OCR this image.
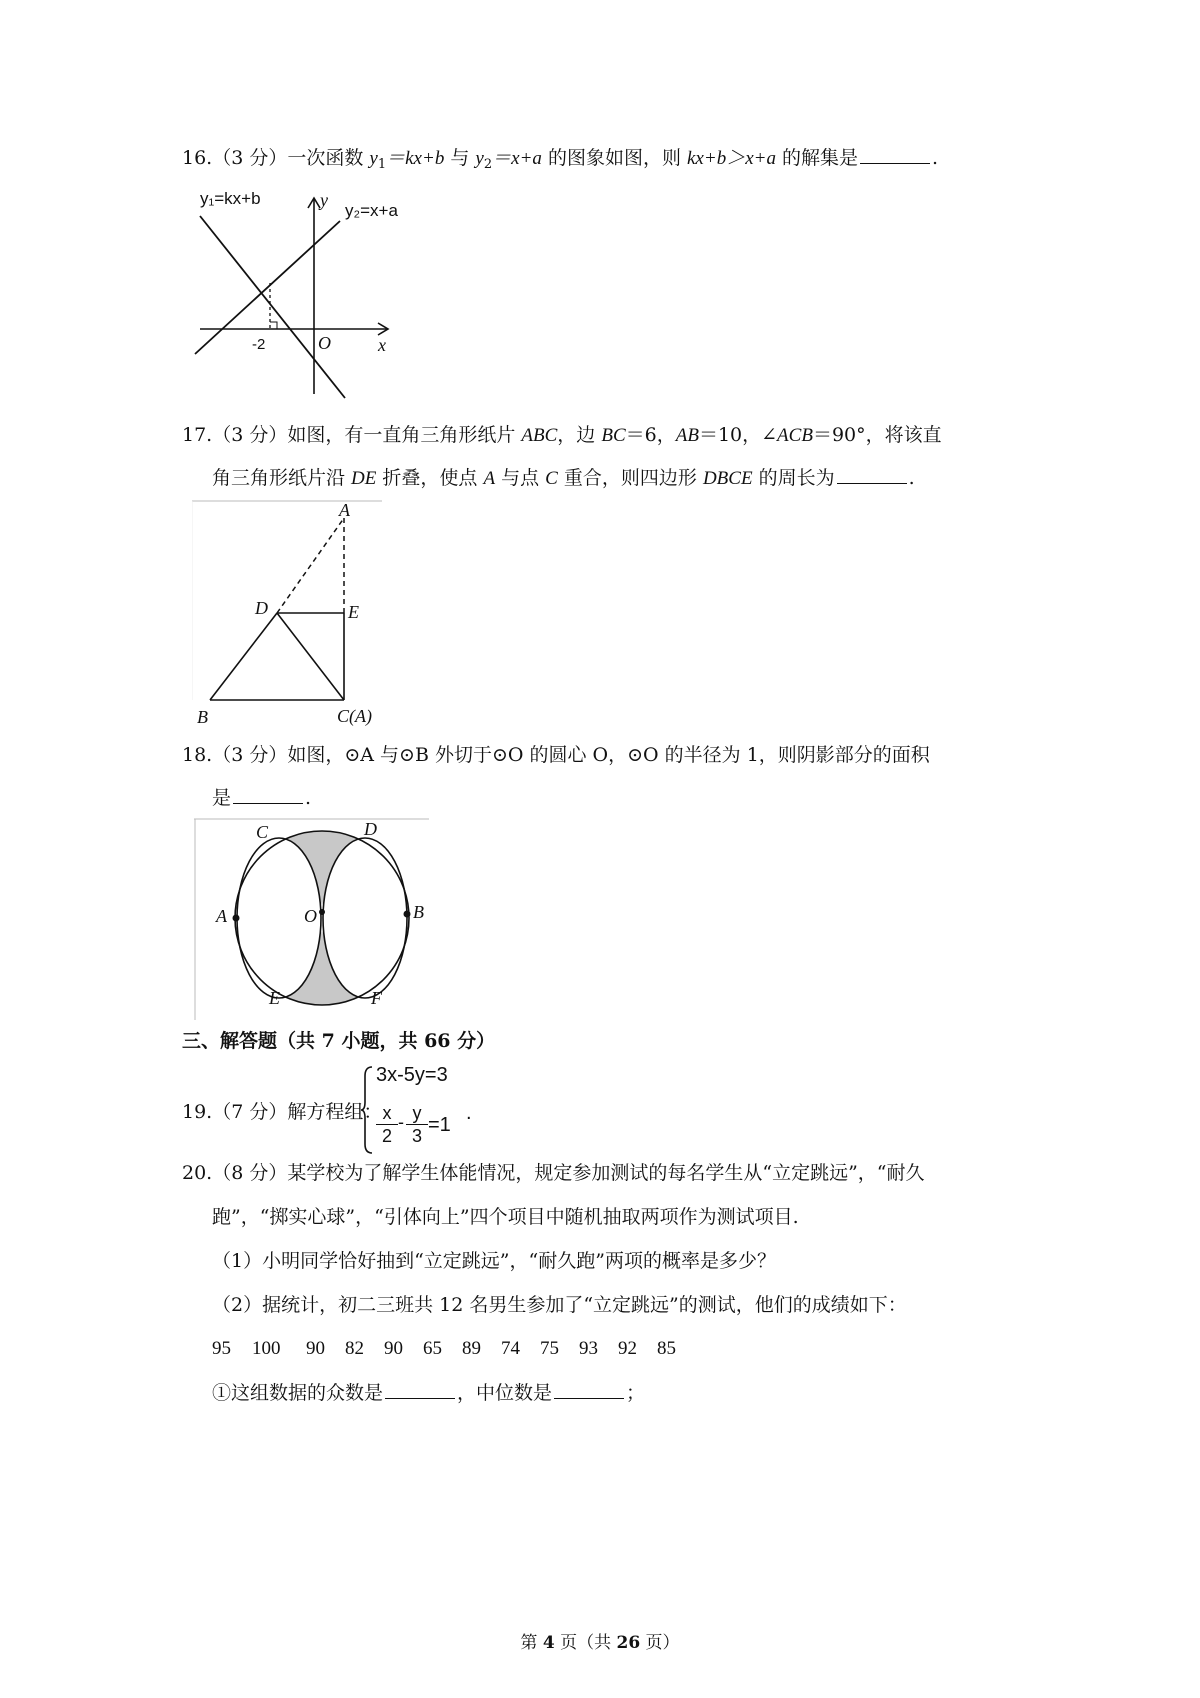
16.（3 分）一次函数 $y_1=kx+b$ 与 $y_2=x+a$ 的图象如图，则 kx+b＞x+a 的解集是	.
y₁=kx+b
y₂=x+a
y
x
O
-2
17.（3 分）如图，有一直角三角形纸片 ABC，边 BC＝6，AB＝10，∠ACB＝90°，将该直
角三角形纸片沿 DE 折叠，使点 A 与点 C 重合，则四边形 DBCE 的周长为	.
A
D	E
B	C(A)
18.（3 分）如图，⊙A 与⊙B 外切于⊙O 的圆心 O，⊙O 的半径为 1，则阴影部分的面积
是	.
C	D
A	O	B
E	F
三、解答题（共 7 小题，共 66 分）
19.（7 分）解方程组：
3x-5y=3
x
2
- y
3 =1
.
20.（8 分）某学校为了解学生体能情况，规定参加测试的每名学生从“立定跳远”，“耐久
跑”，“掷实心球”，“引体向上”四个项目中随机抽取两项作为测试项目.
（1）小明同学恰好抽到“立定跳远”，“耐久跑”两项的概率是多少？
（2）据统计，初二三班共 12 名男生参加了“立定跳远”的测试，他们的成绩如下：
95 100 90 82 90 65 89 74 75 93 92 85
①这组数据的众数是	，中位数是	；
第 4 页（共 26 页）
